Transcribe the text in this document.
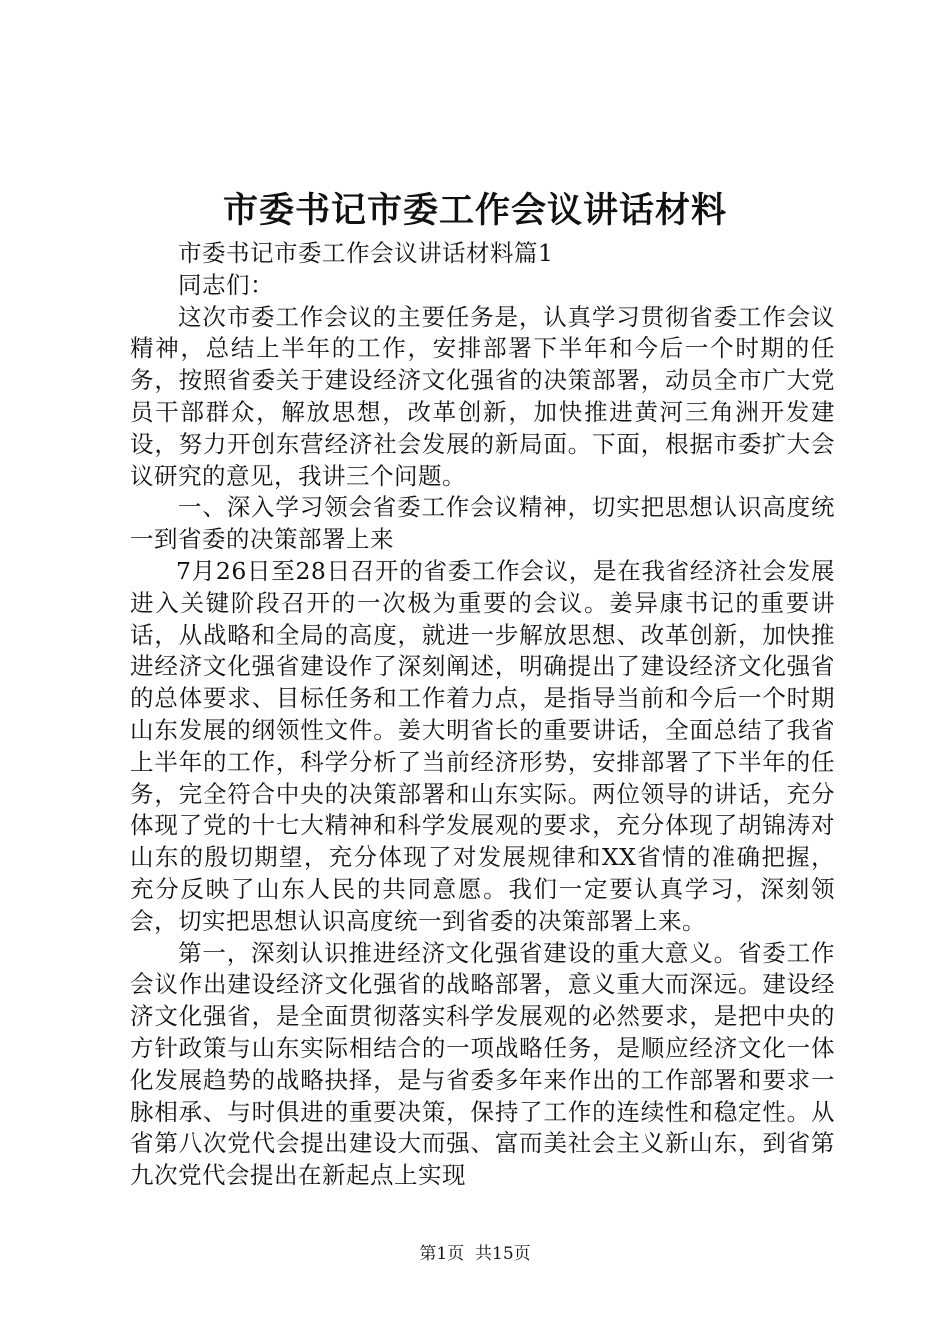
市委书记市委工作会议讲话材料

市委书记市委工作会议讲话材料篇1

同志们：

这次市委工作会议的主要任务是，认真学习贯彻省委工作会议精神，总结上半年的工作，安排部署下半年和今后一个时期的任务，按照省委关于建设经济文化强省的决策部署，动员全市广大党员干部群众，解放思想，改革创新，加快推进黄河三角洲开发建设，努力开创东营经济社会发展的新局面。下面，根据市委扩大会议研究的意见，我讲三个问题。

一、深入学习领会省委工作会议精神，切实把思想认识高度统一到省委的决策部署上来

7月26日至28日召开的省委工作会议，是在我省经济社会发展进入关键阶段召开的一次极为重要的会议。姜异康书记的重要讲话，从战略和全局的高度，就进一步解放思想、改革创新，加快推进经济文化强省建设作了深刻阐述，明确提出了建设经济文化强省的总体要求、目标任务和工作着力点，是指导当前和今后一个时期山东发展的纲领性文件。姜大明省长的重要讲话，全面总结了我省上半年的工作，科学分析了当前经济形势，安排部署了下半年的任务，完全符合中央的决策部署和山东实际。两位领导的讲话，充分体现了党的十七大精神和科学发展观的要求，充分体现了胡锦涛对山东的殷切期望，充分体现了对发展规律和XX省情的准确把握，充分反映了山东人民的共同意愿。我们一定要认真学习，深刻领会，切实把思想认识高度统一到省委的决策部署上来。

第一，深刻认识推进经济文化强省建设的重大意义。省委工作会议作出建设经济文化强省的战略部署，意义重大而深远。建设经济文化强省，是全面贯彻落实科学发展观的必然要求，是把中央的方针政策与山东实际相结合的一项战略任务，是顺应经济文化一体化发展趋势的战略抉择，是与省委多年来作出的工作部署和要求一脉相承、与时俱进的重要决策，保持了工作的连续性和稳定性。从省第八次党代会提出建设大而强、富而美社会主义新山东，到省第九次党代会提出在新起点上实现

第1页 共15页
